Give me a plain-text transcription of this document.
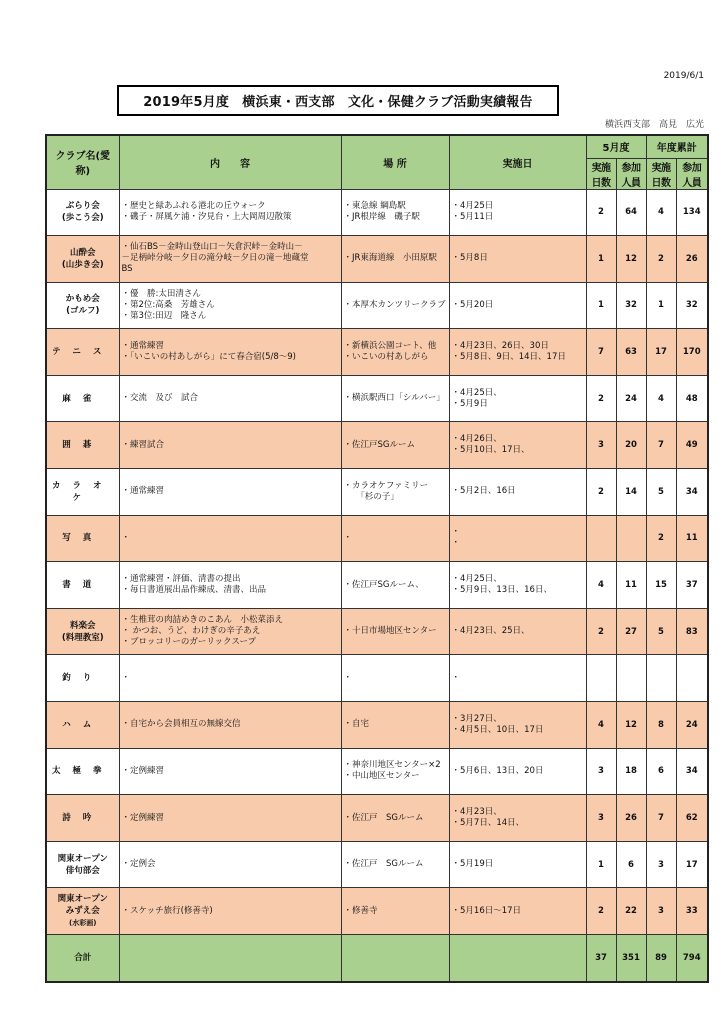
2019/6/1
2019年5月度　横浜東・西支部　文化・保健クラブ活動実績報告
横浜西支部　高見　広光
クラブ名(愛称)	内　　容	場 所	実施日	5月度		年度累計	
				実施日数	参加人員	実施日数	参加人員

ぶらり会
(歩こう会)	・歴史と緑あふれる港北の丘ウォーク
・磯子・屏風ケ浦・汐見台・上大岡周辺散策	・東急線 綱島駅
・JR根岸線　磯子駅	・4月25日
・5月11日	2	64	4	134

山酔会
(山歩き会)	・仙石BS－金時山登山口－矢倉沢峠－金時山－
－足柄峠分岐－夕日の滝分岐－夕日の滝－地蔵堂
BS	・JR東海道線　小田原駅	・5月8日	1	12	2	26

かもめ会
(ゴルフ)	・優　勝:太田清さん
・第2位:高桑　芳雄さん
・第3位:田辺　隆さん	・本厚木カンツリークラブ	・5月20日	1	32	1	32

テニス	・通常練習
・「いこいの村あしがら」にて春合宿(5/8～9)	・新横浜公園コート、他
・いこいの村あしがら	・4月23日、26日、30日
・5月8日、9日、14日、17日	7	63	17	170

麻雀	・交流　及び　試合	・横浜駅西口「シルバー」	・4月25日、
・5月9日	2	24	4	48

囲碁	・練習試合	・佐江戸SGルーム	・4月26日、
・5月10日、17日、	3	20	7	49

カラオケ	・通常練習	・カラオケファミリー
　　「杉の子」	・5月2日、16日	2	14	5	34

写真	・	・	・
・			2	11

書道	・通常練習・評価、清書の提出
・毎日書道展出品作練成、清書、出品	・佐江戸SGルーム、	・4月25日、
・5月9日、13日、16日、	4	11	15	37

料楽会
(料理教室)	・生椎茸の肉詰めきのこあん　小松菜添え
・ かつお、うど、わけぎの辛子あえ
・ブロッコリーのガーリックスープ	・十日市場地区センター	・4月23日、25日、	2	27	5	83

釣り	・	・	・				

ハム	・自宅から会員相互の無線交信	・自宅	・3月27日、
・4月5日、10日、17日	4	12	8	24

太極拳	・定例練習	・神奈川地区センター×2
・中山地区センター	・5月6日、13日、20日	3	18	6	34

詩吟	・定例練習	・佐江戸　SGルーム	・4月23日、
・5月7日、14日、	3	26	7	62

関東オープン
俳句部会	・定例会	・佐江戸　SGルーム	・5月19日	1	6	3	17

関東オープン
みずえ会
(水彩画)	・スケッチ旅行(修善寺)	・修善寺	・5月16日～17日	2	22	3	33
合計				37	351	89	794
